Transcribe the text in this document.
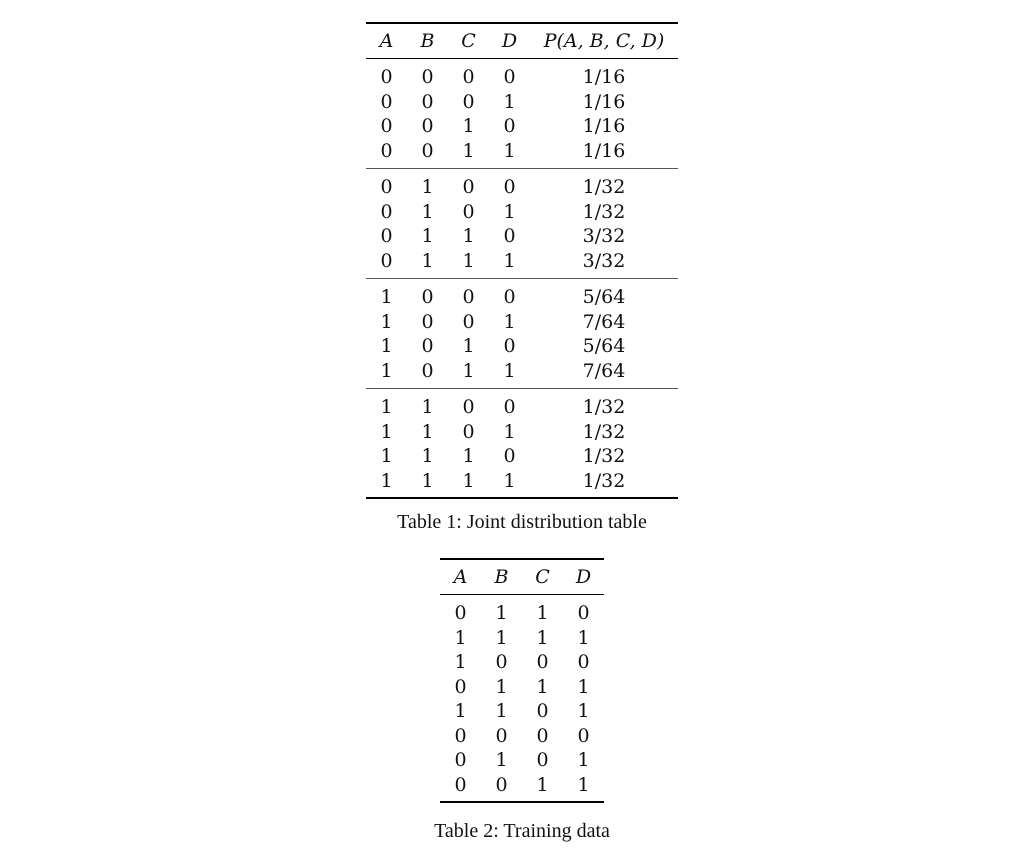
A	B	C	D	P(A, B, C, D)
0	0	0	0	1/16
0	0	0	1	1/16
0	0	1	0	1/16
0	0	1	1	1/16
0	1	0	0	1/32
0	1	0	1	1/32
0	1	1	0	3/32
0	1	1	1	3/32
1	0	0	0	5/64
1	0	0	1	7/64
1	0	1	0	5/64
1	0	1	1	7/64
1	1	0	0	1/32
1	1	0	1	1/32
1	1	1	0	1/32
1	1	1	1	1/32
Table 1: Joint distribution table
A	B	C	D
0	1	1	0
1	1	1	1
1	0	0	0
0	1	1	1
1	1	0	1
0	0	0	0
0	1	0	1
0	0	1	1
Table 2: Training data
